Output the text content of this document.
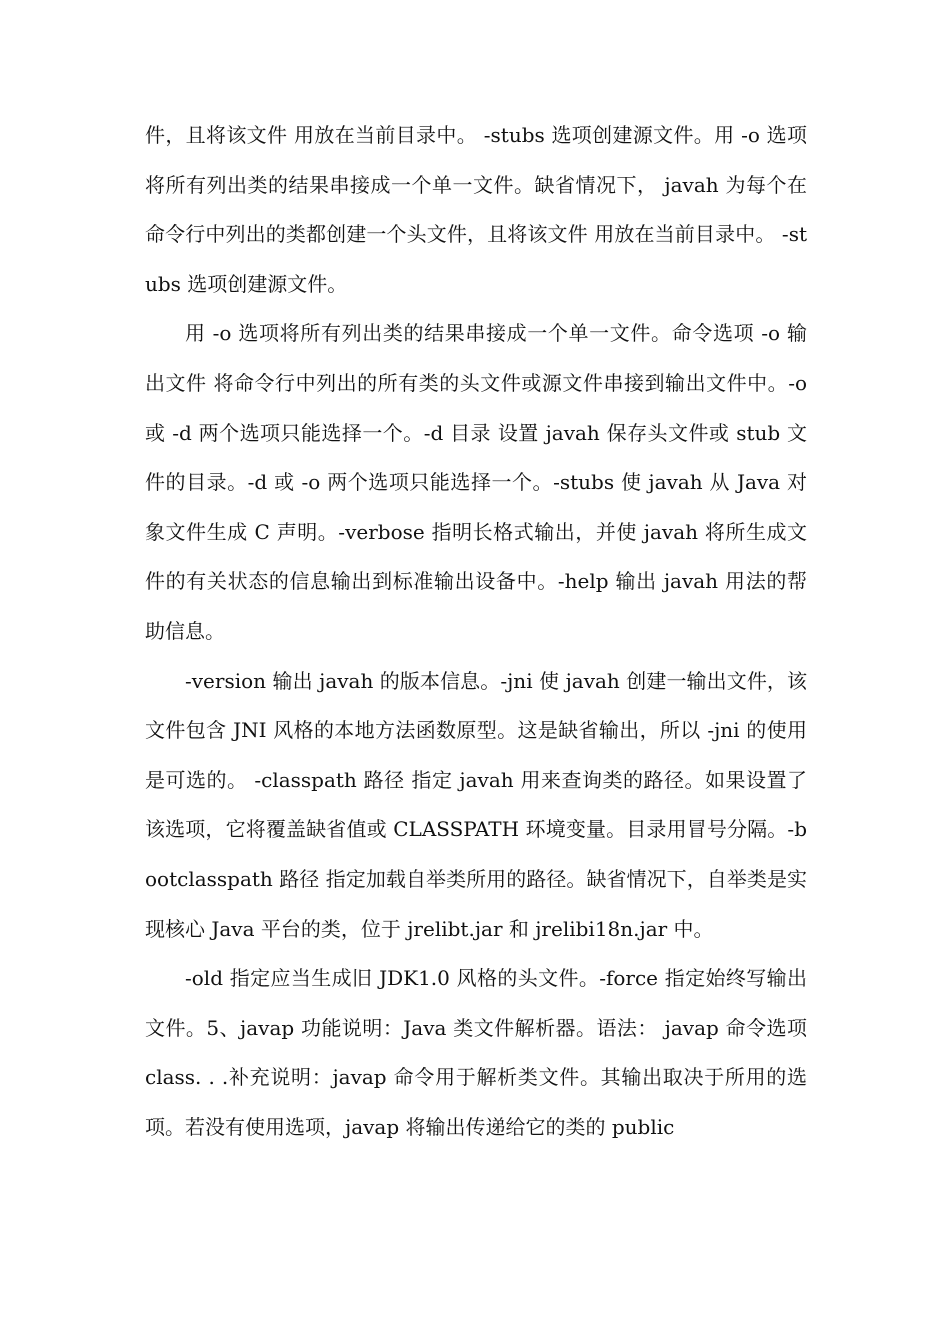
件，且将该文件 用放在当前目录中。 -stubs 选项创建源文件。用 -o 选项将所有列出类的结果串接成一个单一文件。缺省情况下， javah 为每个在命令行中列出的类都创建一个头文件，且将该文件 用放在当前目录中。 -stubs 选项创建源文件。

用 -o 选项将所有列出类的结果串接成一个单一文件。命令选项 -o 输出文件 将命令行中列出的所有类的头文件或源文件串接到输出文件中。-o 或 -d 两个选项只能选择一个。-d 目录 设置 javah 保存头文件或 stub 文件的目录。-d 或 -o 两个选项只能选择一个。-stubs 使 javah 从 Java 对象文件生成 C 声明。-verbose 指明长格式输出，并使 javah 将所生成文件的有关状态的信息输出到标准输出设备中。-help 输出 javah 用法的帮助信息。

-version 输出 javah 的版本信息。-jni 使 javah 创建一输出文件，该文件包含 JNI 风格的本地方法函数原型。这是缺省输出，所以 -jni 的使用是可选的。 -classpath 路径 指定 javah 用来查询类的路径。如果设置了该选项，它将覆盖缺省值或 CLASSPATH 环境变量。目录用冒号分隔。-bootclasspath 路径 指定加载自举类所用的路径。缺省情况下，自举类是实现核心 Java 平台的类，位于 jrelibt.jar 和 jrelibi18n.jar 中。

-old 指定应当生成旧 JDK1.0 风格的头文件。-force 指定始终写输出文件。5、javap 功能说明：Java 类文件解析器。语法： javap 命令选项 class. . .补充说明：javap 命令用于解析类文件。其输出取决于所用的选项。若没有使用选项，javap 将输出传递给它的类的 public
